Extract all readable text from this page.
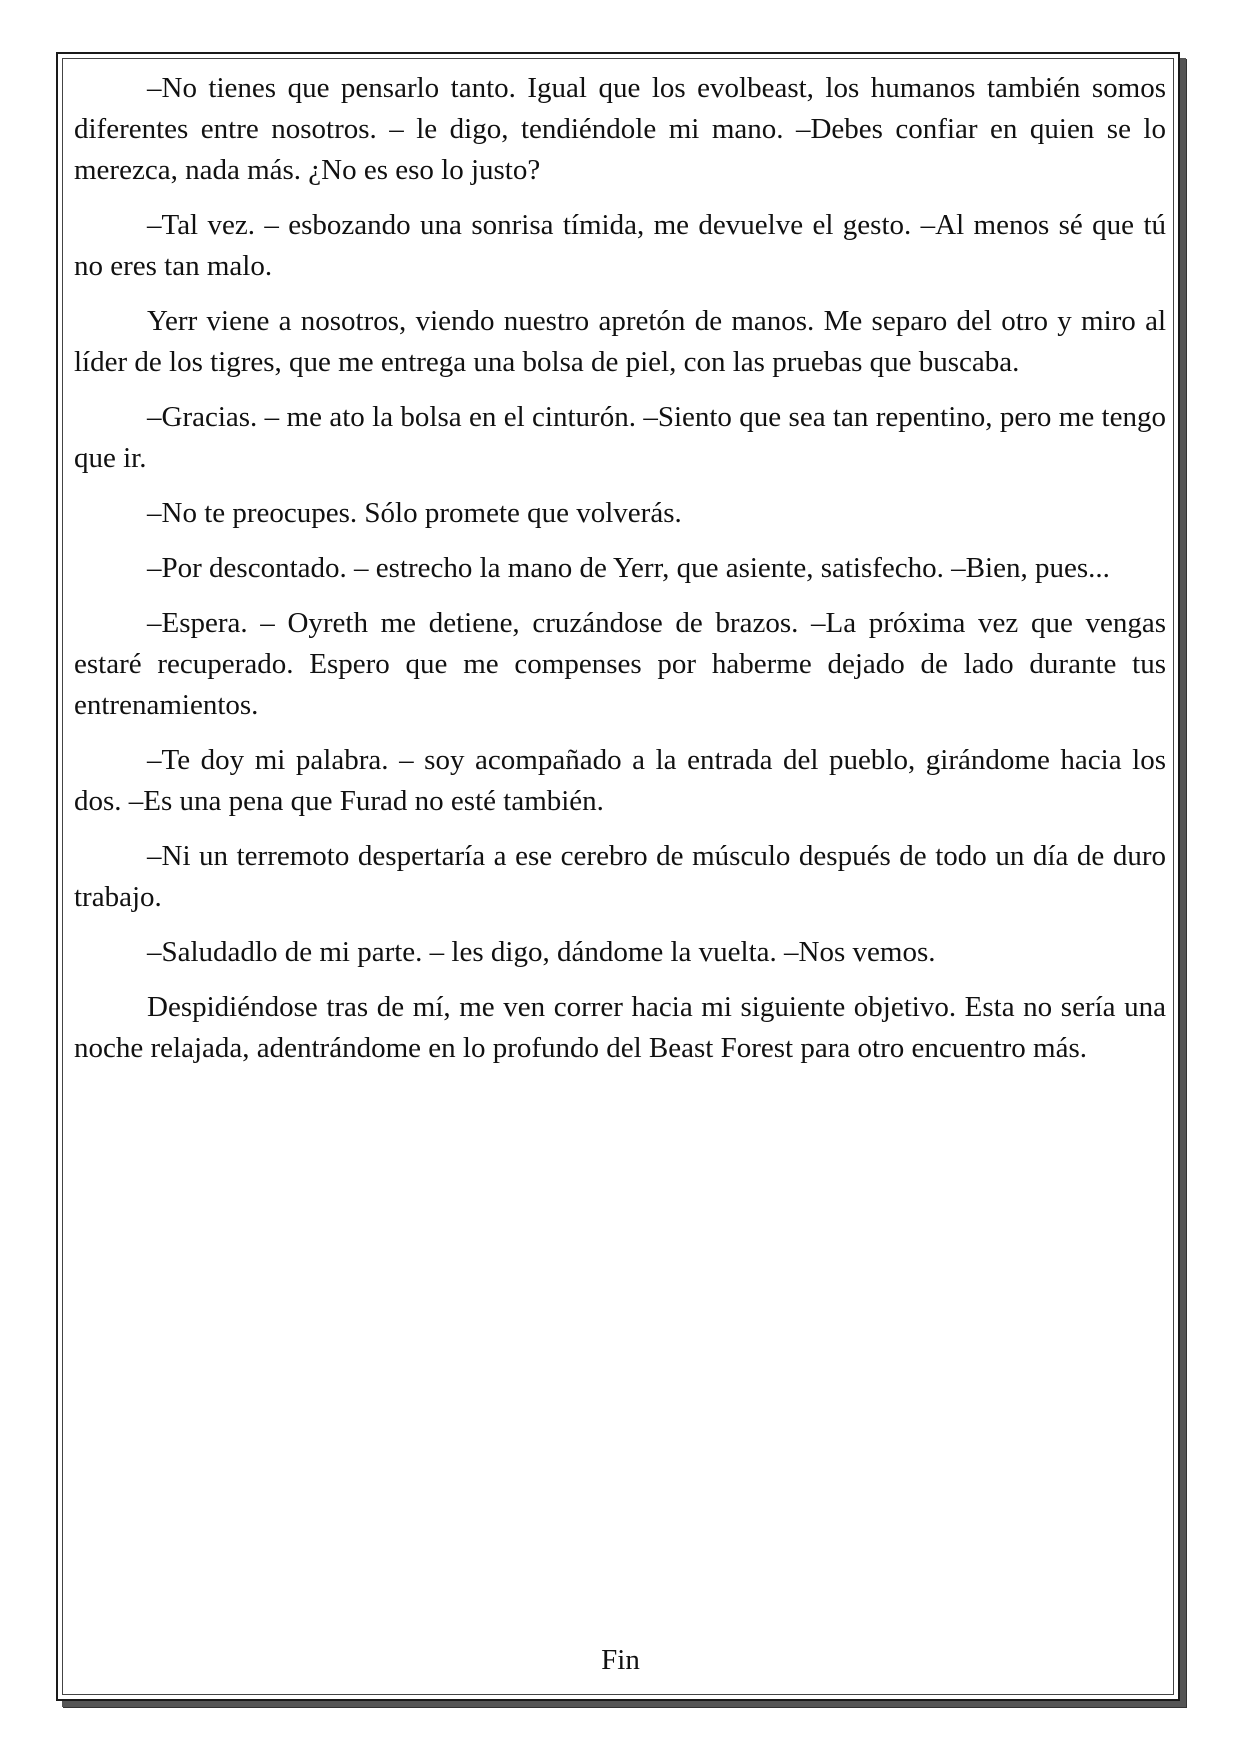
–No tienes que pensarlo tanto. Igual que los evolbeast, los humanos también somos diferentes entre nosotros. – le digo, tendiéndole mi mano. –Debes confiar en quien se lo merezca, nada más. ¿No es eso lo justo?

–Tal vez. – esbozando una sonrisa tímida, me devuelve el gesto. –Al menos sé que tú no eres tan malo.

Yerr viene a nosotros, viendo nuestro apretón de manos. Me separo del otro y miro al líder de los tigres, que me entrega una bolsa de piel, con las pruebas que buscaba.

–Gracias. – me ato la bolsa en el cinturón. –Siento que sea tan repentino, pero me tengo que ir.

–No te preocupes. Sólo promete que volverás.

–Por descontado. – estrecho la mano de Yerr, que asiente, satisfecho. –Bien, pues...

–Espera. – Oyreth me detiene, cruzándose de brazos. –La próxima vez que vengas estaré recuperado. Espero que me compenses por haberme dejado de lado durante tus entrenamientos.

–Te doy mi palabra. – soy acompañado a la entrada del pueblo, girándome hacia los dos. –Es una pena que Furad no esté también.

–Ni un terremoto despertaría a ese cerebro de músculo después de todo un día de duro trabajo.

–Saludadlo de mi parte. – les digo, dándome la vuelta. –Nos vemos.

Despidiéndose tras de mí, me ven correr hacia mi siguiente objetivo. Esta no sería una noche relajada, adentrándome en lo profundo del Beast Forest para otro encuentro más.

Fin
